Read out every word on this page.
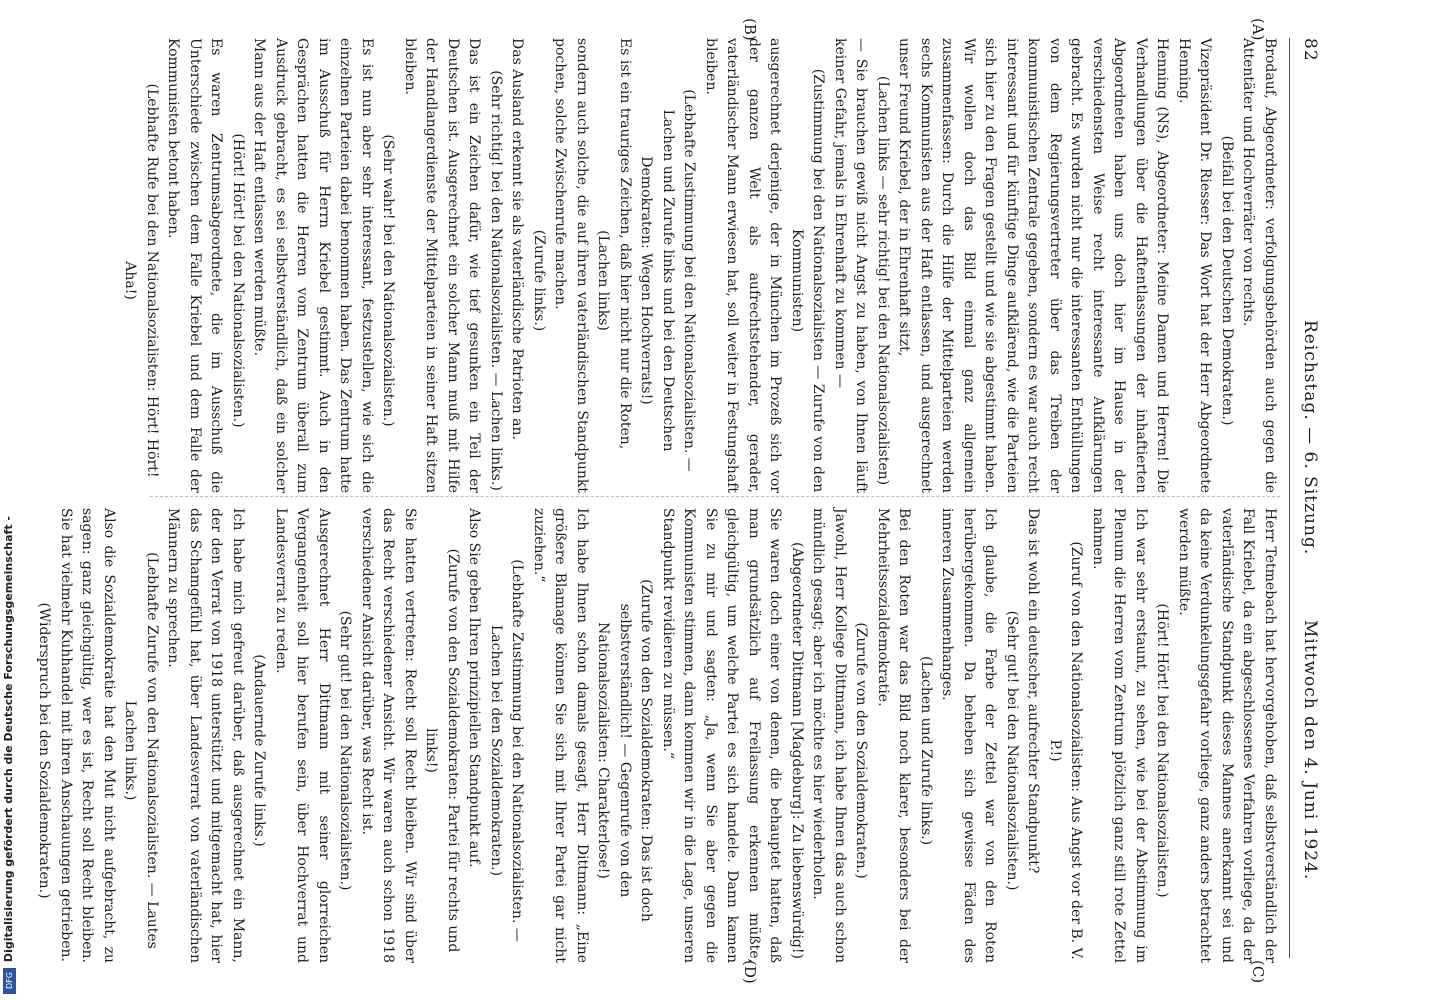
Digitalisierung gefördert durch die Deutsche Forschungsgemeinschaft -
DFG
82
Reichstag. — 6. Sitzung.
Mittwoch den 4. Juni 1924.
(A)
(B)
(C)
(D)

Brodauf, Abgeordneter: verfolgungsbehörden auch gegen die Attentäter und Hochverräter von rechts.

(Beifall bei den Deutschen Demokraten.)

Vizepräsident Dr. Riesser: Das Wort hat der Herr Abgeordnete Henning.

Henning (NS), Abgeordneter: Meine Damen und Herren! Die Verhandlungen über die Haftentlassungen der inhaftierten Abgeordneten haben uns doch hier im Hause in der verschiedensten Weise recht interessante Aufklärungen gebracht. Es wurden nicht nur die interessanten Enthüllungen von dem Regierungsvertreter über das Treiben der kommunistischen Zentrale gegeben, sondern es war auch recht interessant und für künftige Dinge aufklärend, wie die Parteien sich hier zu den Fragen gestellt und wie sie abgestimmt haben. Wir wollen doch das Bild einmal ganz allgemein zusammenfassen: Durch die Hilfe der Mittelparteien werden sechs Kommunisten aus der Haft entlassen, und ausgerechnet unser Freund Kriebel, der in Ehrenhaft sitzt,

(Lachen links — sehr richtig! bei den Nationalsozialisten)

— Sie brauchen gewiß nicht Angst zu haben, von Ihnen läuft keiner Gefahr, jemals in Ehrenhaft zu kommen —

(Zustimmung bei den Nationalsozialisten — Zurufe von den Kommunisten)

ausgerechnet derjenige, der in München im Prozeß sich vor der ganzen Welt als aufrechtstehender, gerader, vaterländischer Mann erwiesen hat, soll weiter in Festungshaft bleiben.

(Lebhafte Zustimmung bei den Nationalsozialisten. — Lachen und Zurufe links und bei den Deutschen Demokraten: Wegen Hochverrats!)

Es ist ein trauriges Zeichen, daß hier nicht nur die Roten,

(Lachen links)

sondern auch solche, die auf ihren vaterländischen Standpunkt pochen, solche Zwischenrufe machen.

(Zurufe links.)

Das Ausland erkennt sie als vaterländische Patrioten an.

(Sehr richtig! bei den Nationalsozialisten. — Lachen links.)

Das ist ein Zeichen dafür, wie tief gesunken ein Teil der Deutschen ist. Ausgerechnet ein solcher Mann muß mit Hilfe der Handlangerdienste der Mittelparteien in seiner Haft sitzen bleiben.

(Sehr wahr! bei den Nationalsozialisten.)

Es ist nun aber sehr interessant, festzustellen, wie sich die einzelnen Parteien dabei benommen haben. Das Zentrum hatte im Ausschuß für Herrn Kriebel gestimmt. Auch in den Gesprächen hatten die Herren vom Zentrum überall zum Ausdruck gebracht, es sei selbstverständlich, daß ein solcher Mann aus der Haft entlassen werden müßte.

(Hört! Hört! bei den Nationalsozialisten.)

Es waren Zentrumsabgeordnete, die im Ausschuß die Unterschiede zwischen dem Falle Kriebel und dem Falle der Kommunisten betont haben.

(Lebhafte Rufe bei den Nationalsozialisten: Hört! Hört! Aha!)

Herr Tetmebach hat hervorgehoben, daß selbstverständlich der Fall Kriebel, da ein abgeschlossenes Verfahren vorliege, da der vaterländische Standpunkt dieses Mannes anerkannt sei und da keine Verdunkelungsgefahr vorliege, ganz anders betrachtet werden müßte.

(Hört! Hört! bei den Nationalsozialisten.)

Ich war sehr erstaunt, zu sehen, wie bei der Abstimmung im Plenum die Herren vom Zentrum plötzlich ganz still rote Zettel nahmen.

(Zuruf von den Nationalsozialisten: Aus Angst vor der B. V. P.!)

Das ist wohl ein deutscher, aufrechter Standpunkt?

(Sehr gut! bei den Nationalsozialisten.)

Ich glaube, die Farbe der Zettel war von den Roten herübergekommen. Da beheben sich gewisse Fäden des inneren Zusammenhanges.

(Lachen und Zurufe links.)

Bei den Roten war das Bild noch klarer, besonders bei der Mehrheitssozialdemokratie.

(Zurufe von den Sozialdemokraten.)

Jawohl, Herr Kollege Dittmann, ich habe Ihnen das auch schon mündlich gesagt; aber ich möchte es hier wiederholen.

(Abgeordneter Dittmann [Magdeburg]: Zu liebenswürdig!)

Sie waren doch einer von denen, die behauptet hatten, daß man grundsätzlich auf Freilassung erkennen müßte, gleichgültig, um welche Partei es sich handele. Dann kamen Sie zu mir und sagten: „Ja, wenn Sie aber gegen die Kommunisten stimmen, dann kommen wir in die Lage, unseren Standpunkt revidieren zu müssen.“

(Zurufe von den Sozialdemokraten: Das ist doch selbstverständlich! — Gegenrufe von den Nationalsozialisten: Charakterlose!)

Ich habe Ihnen schon damals gesagt, Herr Dittmann: „Eine größere Blamage können Sie sich mit Ihrer Partei gar nicht zuziehen.“

(Lebhafte Zustimmung bei den Nationalsozialisten. — Lachen bei den Sozialdemokraten.)

Also Sie geben Ihren prinzipiellen Standpunkt auf.

(Zurufe von den Sozialdemokraten: Partei für rechts und links!)

Sie hatten vertreten: Recht soll Recht bleiben. Wir sind über das Recht verschiedener Ansicht. Wir waren auch schon 1918 verschiedener Ansicht darüber, was Recht ist.

(Sehr gut! bei den Nationalsozialisten.)

Ausgerechnet Herr Dittmann mit seiner glorreichen Vergangenheit soll hier berufen sein, über Hochverrat und Landesverrat zu reden.

(Andauernde Zurufe links.)

Ich habe mich gefreut darüber, daß ausgerechnet ein Mann, der den Verrat von 1918 unterstützt und mitgemacht hat, hier das Schamgefühl hat, über Landesverrat von vaterländischen Männern zu sprechen.

(Lebhafte Zurufe von den Nationalsozialisten. — Lautes Lachen links.)

Also die Sozialdemokratie hat den Mut nicht aufgebracht, zu sagen: ganz gleichgültig, wer es ist, Recht soll Recht bleiben. Sie hat vielmehr Kuhhandel mit ihren Anschauungen getrieben.

(Widerspruch bei den Sozialdemokraten.)
